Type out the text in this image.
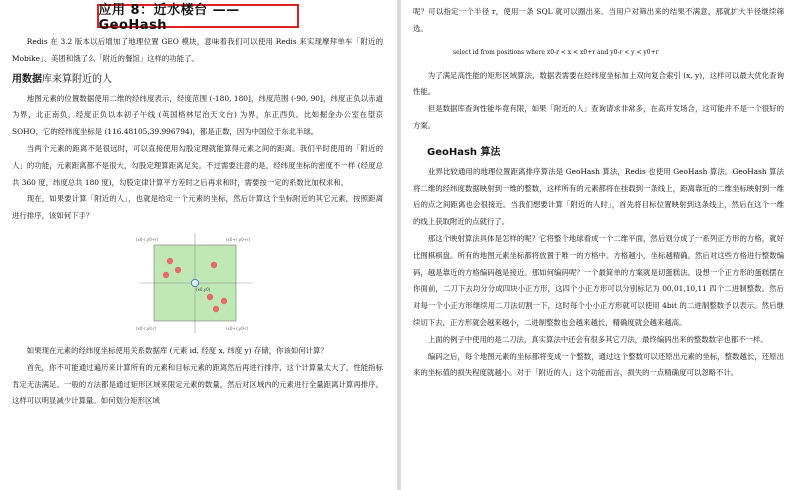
应用 8：近水楼台 —— GeoHash

Redis 在 3.2 版本以后增加了地理位置 GEO 模块，意味着我们可以使用 Redis 来实现摩拜单车「附近的 Mobike」、美团和饿了么「附近的餐馆」这样的功能了。

用数据库来算附近的人

地图元素的位置数据使用二维的经纬度表示，经度范围 (-180, 180]，纬度范围 (-90, 90]，纬度正负以赤道为界，北正南负，经度正负以本初子午线 (英国格林尼治天文台) 为界，东正西负。比如掘金办公室在望京 SOHO，它的经纬度坐标是 (116.48105,39.996794)，都是正数，因为中国位于东北半球。

当两个元素的距离不是很远时，可以直接使用勾股定理就能算得元素之间的距离。我们平时使用的「附近的人」的功能，元素距离都不是很大，勾股定理算距离足矣。不过需要注意的是，经纬度坐标的密度不一样 (经度总共 360 度，纬度总共 180 度)，勾股定律计算平方差时之后再求和时，需要按一定的系数比加权求和。

现在，如果要计算「附近的人」，也就是给定一个元素的坐标，然后计算这个坐标附近的其它元素，按照距离进行排序，该如何下手？

(x0-r,y0+r)	(x0+r,y0+r)
(x0-r,y0-r)	(x0+r,y0-r)
(x0,y0)

如果现在元素的经纬度坐标使用关系数据库 (元素 id, 经度 x, 纬度 y) 存储，你该如何计算？

首先，你不可能通过遍历来计算所有的元素和目标元素的距离然后再进行排序，这个计算量太大了，性能指标肯定无法满足。一般的方法都是通过矩形区域来限定元素的数量，然后对区域内的元素进行全量距离计算再排序。这样可以明显减少计算量。如何划分矩形区域

呢？可以指定一个半径 r，使用一条 SQL 就可以圈出来。当用户对筛出来的结果不满意，那就扩大半径继续筛选。

select id from positions where x0-r < x < x0+r and y0-r < y < y0+r

为了满足高性能的矩形区域算法，数据表需要在经纬度坐标加上双向复合索引 (x, y)，这样可以最大优化查询性能。

但是数据库查询性能毕竟有限，如果「附近的人」查询请求非常多，在高并发场合，这可能并不是一个很好的方案。

GeoHash 算法

业界比较通用的地理位置距离排序算法是 GeoHash 算法，Redis 也使用 GeoHash 算法。GeoHash 算法将二维的经纬度数据映射到一维的整数，这样所有的元素都将在挂载到一条线上，距离靠近的二维坐标映射到一维后的点之间距离也会很接近。当我们想要计算「附近的人时」，首先将目标位置映射到这条线上，然后在这个一维的线上获取附近的点就行了。

那这个映射算法具体是怎样的呢？它将整个地球看成一个二维平面，然后划分成了一系列正方形的方格，就好比围棋棋盘。所有的地图元素坐标都将放置于唯一的方格中。方格越小，坐标越精确。然后对这些方格进行整数编码，越是靠近的方格编码越是接近。那如何编码呢？一个最简单的方案就是切蛋糕法。设想一个正方形的蛋糕摆在你面前，二刀下去均分分成四块小正方形，这四个小正方形可以分别标记为 00,01,10,11 四个二进制整数。然后对每一个小正方形继续用二刀法切割一下，这时每个小小正方形就可以使用 4bit 的二进制整数予以表示。然后继续切下去，正方形就会越来越小，二进制整数也会越来越长，精确度就会越来越高。

上面的例子中使用的是二刀法，真实算法中还会有很多其它刀法，最终编码出来的整数数字也都不一样。

编码之后，每个地图元素的坐标都将变成一个整数，通过这个整数可以还原出元素的坐标，整数越长，还原出来的坐标值的损失程度就越小。对于「附近的人」这个功能而言，损失的一点精确度可以忽略不计。
